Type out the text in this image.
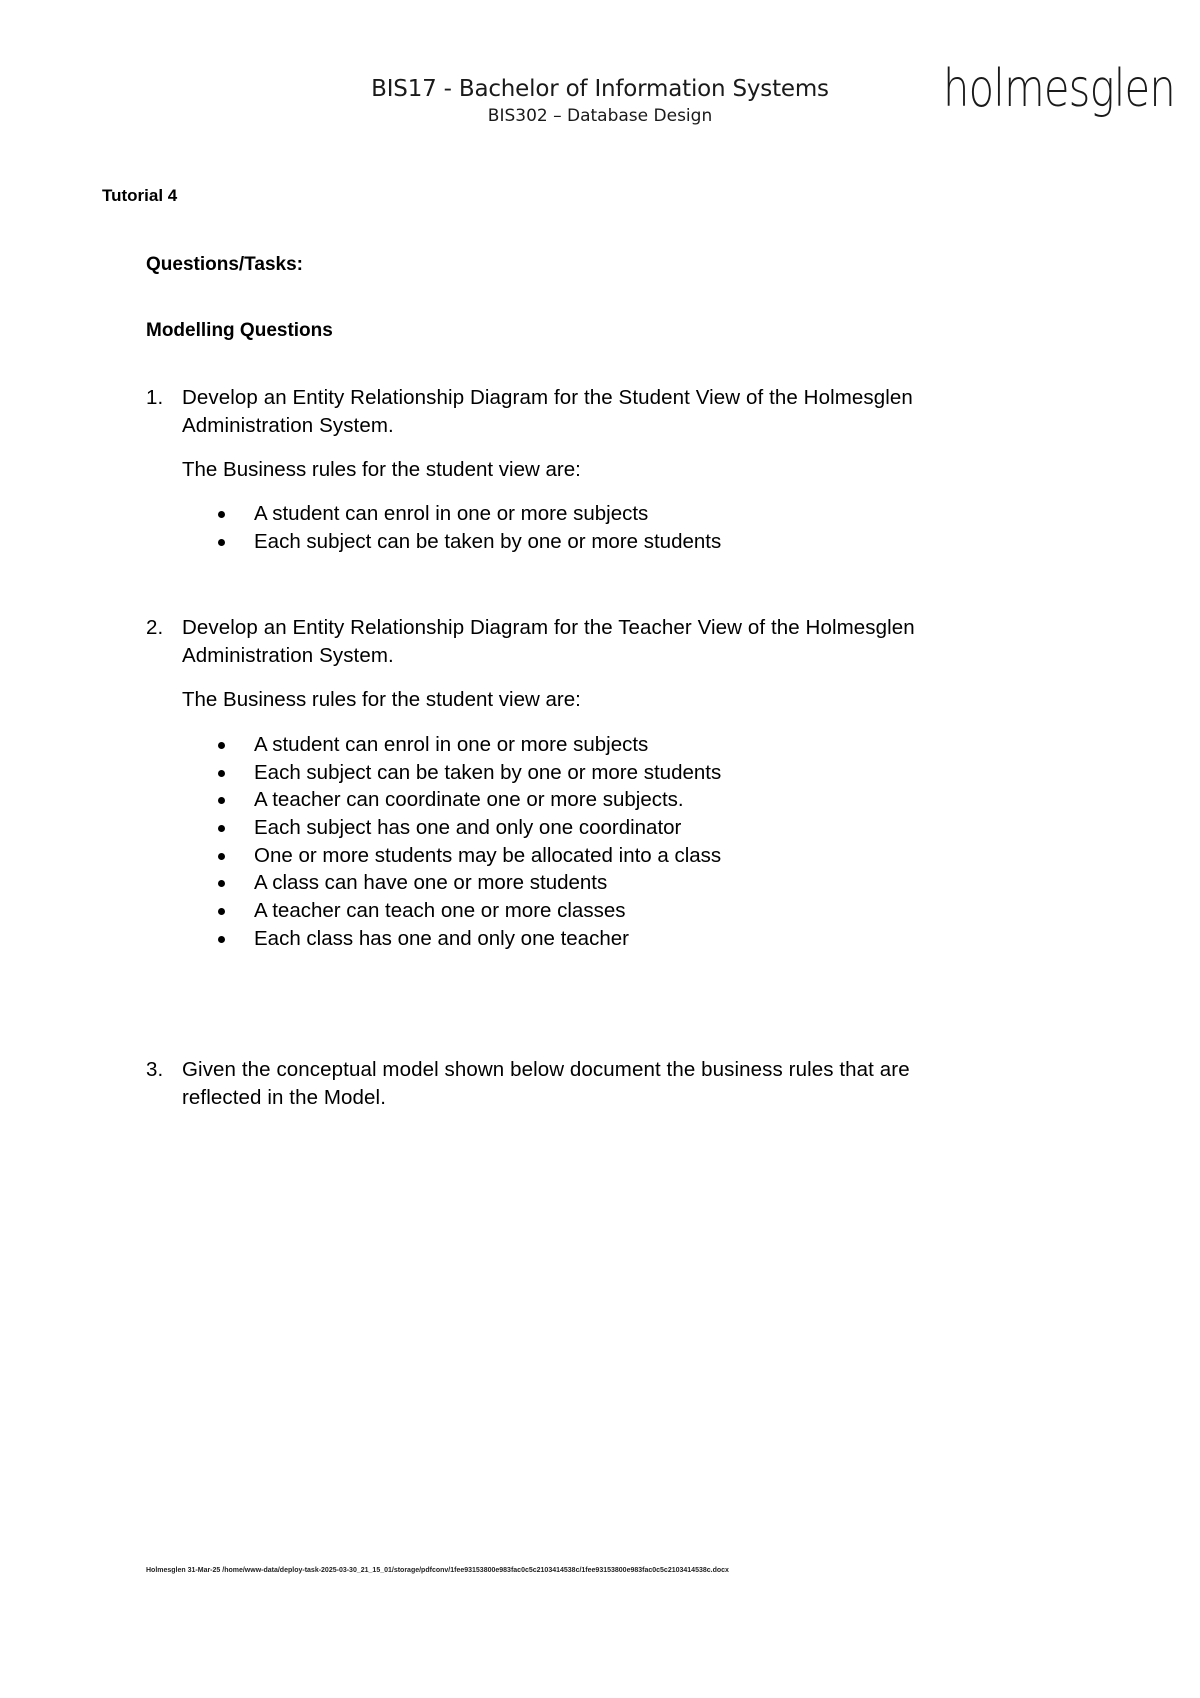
BIS17 - Bachelor of Information Systems
BIS302 – Database Design	holmesglen
Tutorial 4
Questions/Tasks:
Modelling Questions
1. Develop an Entity Relationship Diagram for the Student View of the Holmesglen
Administration System.
The Business rules for the student view are:
A student can enrol in one or more subjects
Each subject can be taken by one or more students
2. Develop an Entity Relationship Diagram for the Teacher View of the Holmesglen
Administration System.
The Business rules for the student view are:
A student can enrol in one or more subjects
Each subject can be taken by one or more students
A teacher can coordinate one or more subjects.
Each subject has one and only one coordinator
One or more students may be allocated into a class
A class can have one or more students
A teacher can teach one or more classes
Each class has one and only one teacher
3. Given the conceptual model shown below document the business rules that are
reflected in the Model.
Holmesglen 31-Mar-25 /home/www-data/deploy-task-2025-03-30_21_15_01/storage/pdfconv/1fee93153800e983fac0c5c2103414538c/1fee93153800e983fac0c5c2103414538c.docx
